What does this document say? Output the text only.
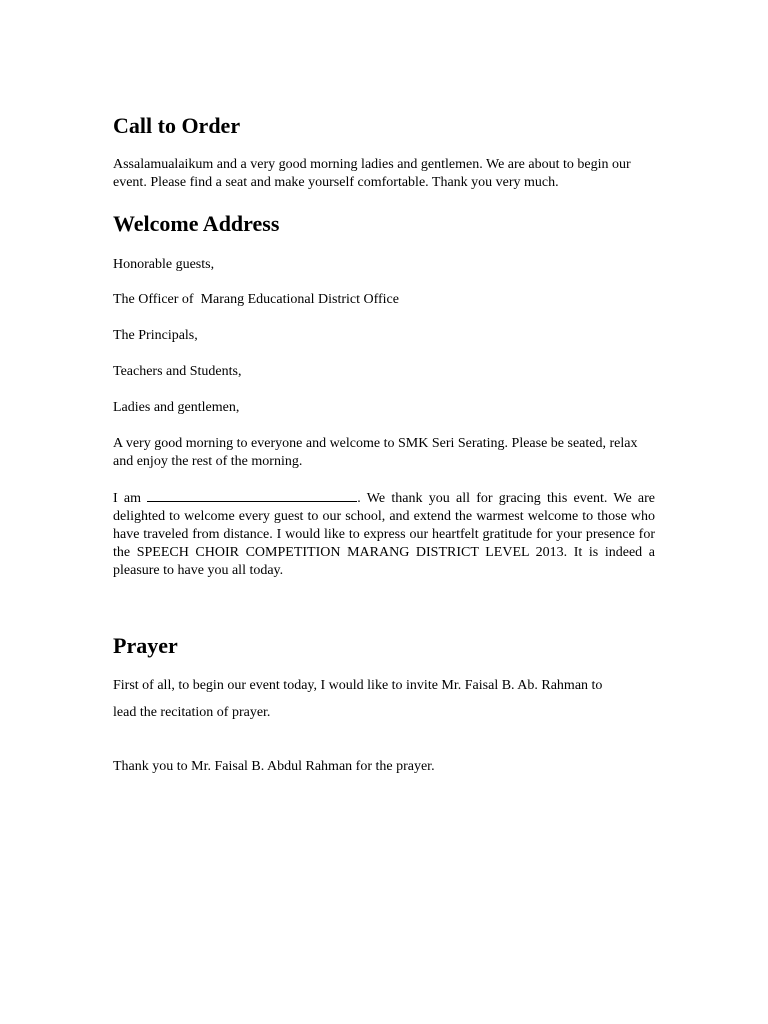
Call to Order

Assalamualaikum and a very good morning ladies and gentlemen. We are about to begin our event. Please find a seat and make yourself comfortable. Thank you very much.

Welcome Address

Honorable guests,

The Officer of  Marang Educational District Office

The Principals,

Teachers and Students,

Ladies and gentlemen,

A very good morning to everyone and welcome to SMK Seri Serating. Please be seated, relax and enjoy the rest of the morning.

I am	. We thank you all for gracing this event. We are delighted to welcome every guest to our school, and extend the warmest welcome to those who have traveled from distance. I would like to express our heartfelt gratitude for your presence for the SPEECH CHOIR COMPETITION MARANG DISTRICT LEVEL 2013. It is indeed a pleasure to have you all today.

Prayer

First of all, to begin our event today, I would like to invite Mr. Faisal B. Ab. Rahman to

lead the recitation of prayer.

Thank you to Mr. Faisal B. Abdul Rahman for the prayer.
